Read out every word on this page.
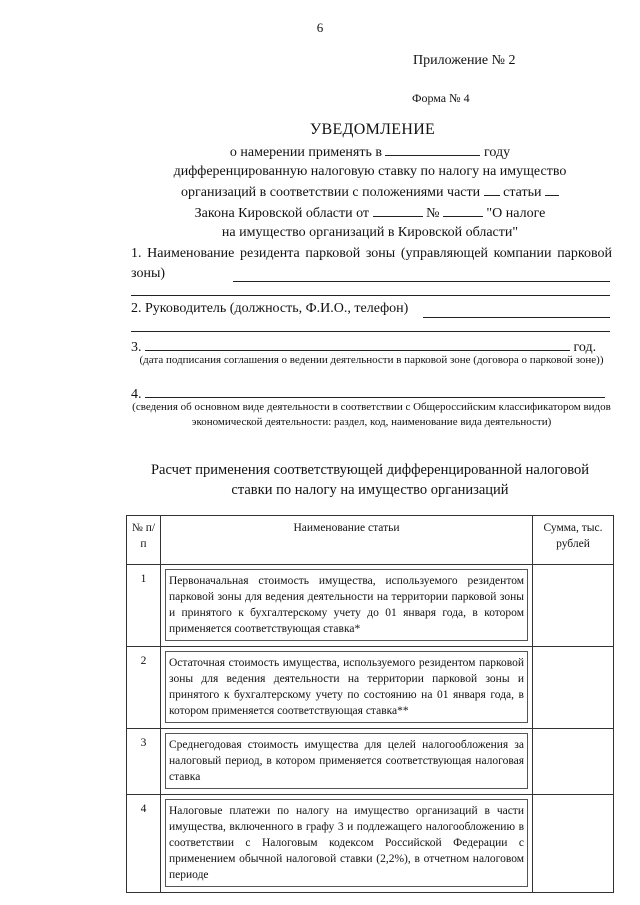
6
Приложение № 2
Форма № 4
УВЕДОМЛЕНИЕ
о намерении применять в	году
дифференцированную налоговую ставку по налогу на имущество
организаций в соответствии с положениями части статьи
Закона Кировской области от	№	"О налоге
на имущество организаций в Кировской области"
1. Наименование резидента парковой зоны (управляющей компании парковой зоны)
2. Руководитель (должность, Ф.И.О., телефон)
3.	год.
(дата подписания соглашения о ведении деятельности в парковой зоне (договора о парковой зоне))
4.
(сведения об основном виде деятельности в соответствии с Общероссийским классификатором видов экономической деятельности: раздел, код, наименование вида деятельности)
Расчет применения соответствующей дифференцированной налоговой ставки по налогу на имущество организаций
№ п/п	Наименование статьи	Сумма, тыс. рублей
1	Первоначальная стоимость имущества, используемого резидентом парковой зоны для ведения деятельности на территории парковой зоны и принятого к бухгалтерскому учету до 01 января года, в котором применяется соответствующая ставка*	

2	Остаточная стоимость имущества, используемого резидентом парковой зоны для ведения деятельности на территории парковой зоны и принятого к бухгалтерскому учету по состоянию на 01 января года, в котором применяется соответствующая ставка**	

3	Среднегодовая стоимость имущества для целей налогообложения за налоговый период, в котором применяется соответствующая налоговая ставка	

4	Налоговые платежи по налогу на имущество организаций в части имущества, включенного в графу 3 и подлежащего налогообложению в соответствии с Налоговым кодексом Российской Федерации с применением обычной налоговой ставки (2,2%), в отчетном налоговом периоде	
